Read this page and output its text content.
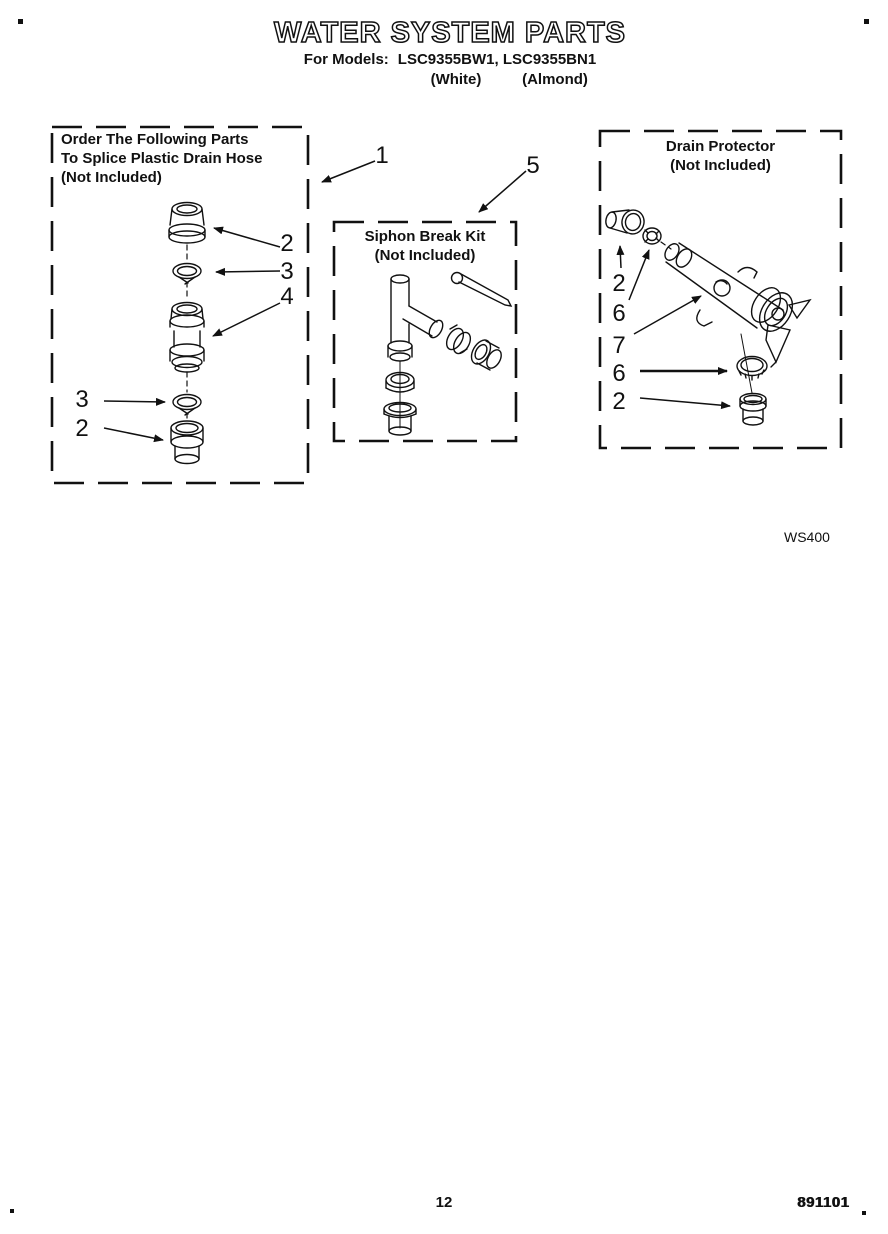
WATER SYSTEM PARTS
For Models: LSC9355BW1, LSC9355BN1
(White)	(Almond)
Order The Following Parts
To Splice Plastic Drain Hose
(Not Included)
Siphon Break Kit
(Not Included)
Drain Protector
(Not Included)
1	5
2
3
4
3
2
2
6
7
6
2
WS400
12	891101
